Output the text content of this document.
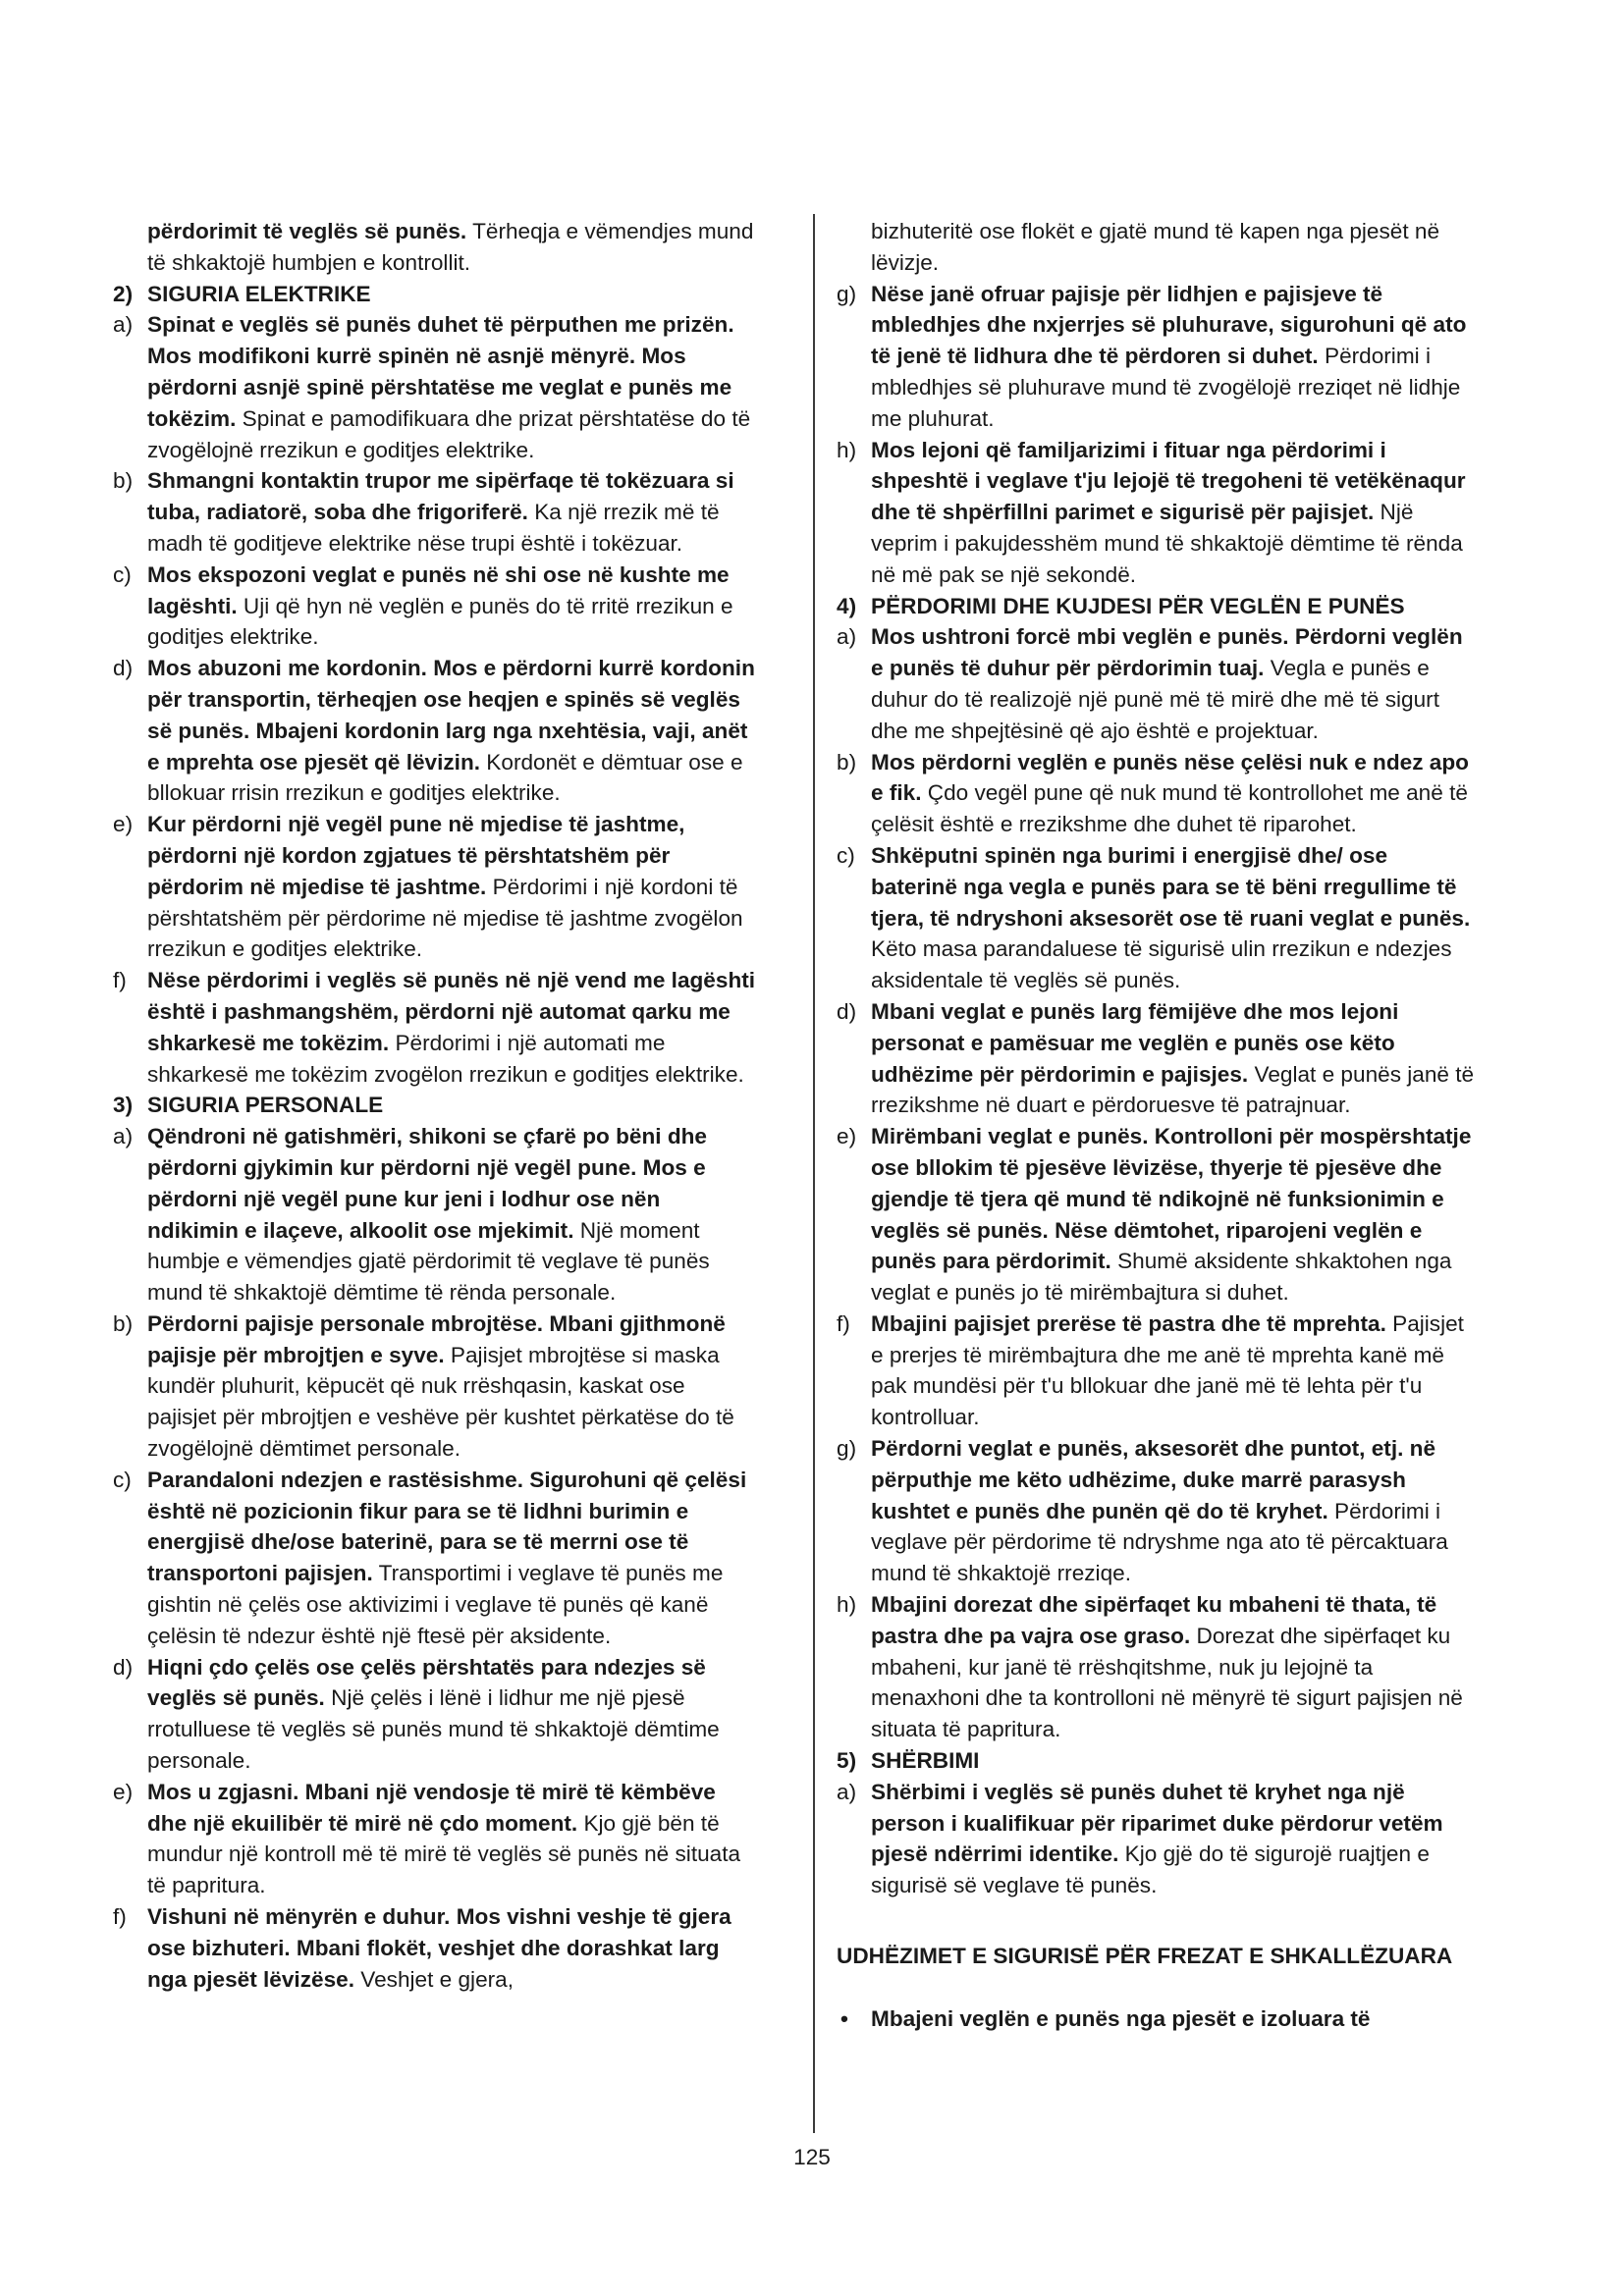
përdorimit të veglës së punës. Tërheqja e vëmendjes mund të shkaktojë humbjen e kontrollit.

2) SIGURIA ELEKTRIKE
a) Spinat e veglës së punës duhet të përputhen me prizën. Mos modifikoni kurrë spinën në asnjë mënyrë. Mos përdorni asnjë spinë përshtatëse me veglat e punës me tokëzim. Spinat e pamodifikuara dhe prizat përshtatëse do të zvogëlojnë rrezikun e goditjes elektrike.
b) Shmangni kontaktin trupor me sipërfaqe të tokëzuara si tuba, radiatorë, soba dhe frigoriferë. Ka një rrezik më të madh të goditjeve elektrike nëse trupi është i tokëzuar.
c) Mos ekspozoni veglat e punës në shi ose në kushte me lagështi. Uji që hyn në veglën e punës do të rritë rrezikun e goditjes elektrike.
d) Mos abuzoni me kordonin. Mos e përdorni kurrë kordonin për transportin, tërheqjen ose heqjen e spinës së veglës së punës. Mbajeni kordonin larg nga nxehtësia, vaji, anët e mprehta ose pjesët që lëvizin. Kordonët e dëmtuar ose e bllokuar rrisin rrezikun e goditjes elektrike.
e) Kur përdorni një vegël pune në mjedise të jashtme, përdorni një kordon zgjatues të përshtatshëm për përdorim në mjedise të jashtme. Përdorimi i një kordoni të përshtatshëm për përdorime në mjedise të jashtme zvogëlon rrezikun e goditjes elektrike.
f) Nëse përdorimi i veglës së punës në një vend me lagështi është i pashmangshëm, përdorni një automat qarku me shkarkesë me tokëzim. Përdorimi i një automati me shkarkesë me tokëzim zvogëlon rrezikun e goditjes elektrike.
3) SIGURIA PERSONALE
a) Qëndroni në gatishmëri, shikoni se çfarë po bëni dhe përdorni gjykimin kur përdorni një vegël pune. Mos e përdorni një vegël pune kur jeni i lodhur ose nën ndikimin e ilaçeve, alkoolit ose mjekimit. Një moment humbje e vëmendjes gjatë përdorimit të veglave të punës mund të shkaktojë dëmtime të rënda personale.
b) Përdorni pajisje personale mbrojtëse. Mbani gjithmonë pajisje për mbrojtjen e syve. Pajisjet mbrojtëse si maska kundër pluhurit, këpucët që nuk rrëshqasin, kaskat ose pajisjet për mbrojtjen e veshëve për kushtet përkatëse do të zvogëlojnë dëmtimet personale.
c) Parandaloni ndezjen e rastësishme. Sigurohuni që çelësi është në pozicionin fikur para se të lidhni burimin e energjisë dhe/ose baterinë, para se të merrni ose të transportoni pajisjen. Transportimi i veglave të punës me gishtin në çelës ose aktivizimi i veglave të punës që kanë çelësin të ndezur është një ftesë për aksidente.
d) Hiqni çdo çelës ose çelës përshtatës para ndezjes së veglës së punës. Një çelës i lënë i lidhur me një pjesë rrotulluese të veglës së punës mund të shkaktojë dëmtime personale.
e) Mos u zgjasni. Mbani një vendosje të mirë të këmbëve dhe një ekuilibër të mirë në çdo moment. Kjo gjë bën të mundur një kontroll më të mirë të veglës së punës në situata të papritura.
f) Vishuni në mënyrën e duhur. Mos vishni veshje të gjera ose bizhuteri. Mbani flokët, veshjet dhe dorashkat larg nga pjesët lëvizëse. Veshjet e gjera,

bizhuteritë ose flokët e gjatë mund të kapen nga pjesët në lëvizje.

g) Nëse janë ofruar pajisje për lidhjen e pajisjeve të mbledhjes dhe nxjerrjes së pluhurave, sigurohuni që ato të jenë të lidhura dhe të përdoren si duhet. Përdorimi i mbledhjes së pluhurave mund të zvogëlojë rreziqet në lidhje me pluhurat.
h) Mos lejoni që familjarizimi i fituar nga përdorimi i shpeshtë i veglave t'ju lejojë të tregoheni të vetëkënaqur dhe të shpërfillni parimet e sigurisë për pajisjet. Një veprim i pakujdesshëm mund të shkaktojë dëmtime të rënda në më pak se një sekondë.
4) PËRDORIMI DHE KUJDESI PËR VEGLËN E PUNËS
a) Mos ushtroni forcë mbi veglën e punës. Përdorni veglën e punës të duhur për përdorimin tuaj. Vegla e punës e duhur do të realizojë një punë më të mirë dhe më të sigurt dhe me shpejtësinë që ajo është e projektuar.
b) Mos përdorni veglën e punës nëse çelësi nuk e ndez apo e fik. Çdo vegël pune që nuk mund të kontrollohet me anë të çelësit është e rrezikshme dhe duhet të riparohet.
c) Shkëputni spinën nga burimi i energjisë dhe/ ose baterinë nga vegla e punës para se të bëni rregullime të tjera, të ndryshoni aksesorët ose të ruani veglat e punës. Këto masa parandaluese të sigurisë ulin rrezikun e ndezjes aksidentale të veglës së punës.
d) Mbani veglat e punës larg fëmijëve dhe mos lejoni personat e pamësuar me veglën e punës ose këto udhëzime për përdorimin e pajisjes. Veglat e punës janë të rrezikshme në duart e përdoruesve të patrajnuar.
e) Mirëmbani veglat e punës. Kontrolloni për mospërshtatje ose bllokim të pjesëve lëvizëse, thyerje të pjesëve dhe gjendje të tjera që mund të ndikojnë në funksionimin e veglës së punës. Nëse dëmtohet, riparojeni veglën e punës para përdorimit. Shumë aksidente shkaktohen nga veglat e punës jo të mirëmbajtura si duhet.
f) Mbajini pajisjet prerëse të pastra dhe të mprehta. Pajisjet e prerjes të mirëmbajtura dhe me anë të mprehta kanë më pak mundësi për t'u bllokuar dhe janë më të lehta për t'u kontrolluar.
g) Përdorni veglat e punës, aksesorët dhe puntot, etj. në përputhje me këto udhëzime, duke marrë parasysh kushtet e punës dhe punën që do të kryhet. Përdorimi i veglave për përdorime të ndryshme nga ato të përcaktuara mund të shkaktojë rreziqe.
h) Mbajini dorezat dhe sipërfaqet ku mbaheni të thata, të pastra dhe pa vajra ose graso. Dorezat dhe sipërfaqet ku mbaheni, kur janë të rrëshqitshme, nuk ju lejojnë ta menaxhoni dhe ta kontrolloni në mënyrë të sigurt pajisjen në situata të papritura.
5) SHËRBIMI
a) Shërbimi i veglës së punës duhet të kryhet nga një person i kualifikuar për riparimet duke përdorur vetëm pjesë ndërrimi identike. Kjo gjë do të sigurojë ruajtjen e sigurisë së veglave të punës.
UDHËZIMET E SIGURISË PËR FREZAT E SHKALLËZUARA
• Mbajeni veglën e punës nga pjesët e izoluara të
125
